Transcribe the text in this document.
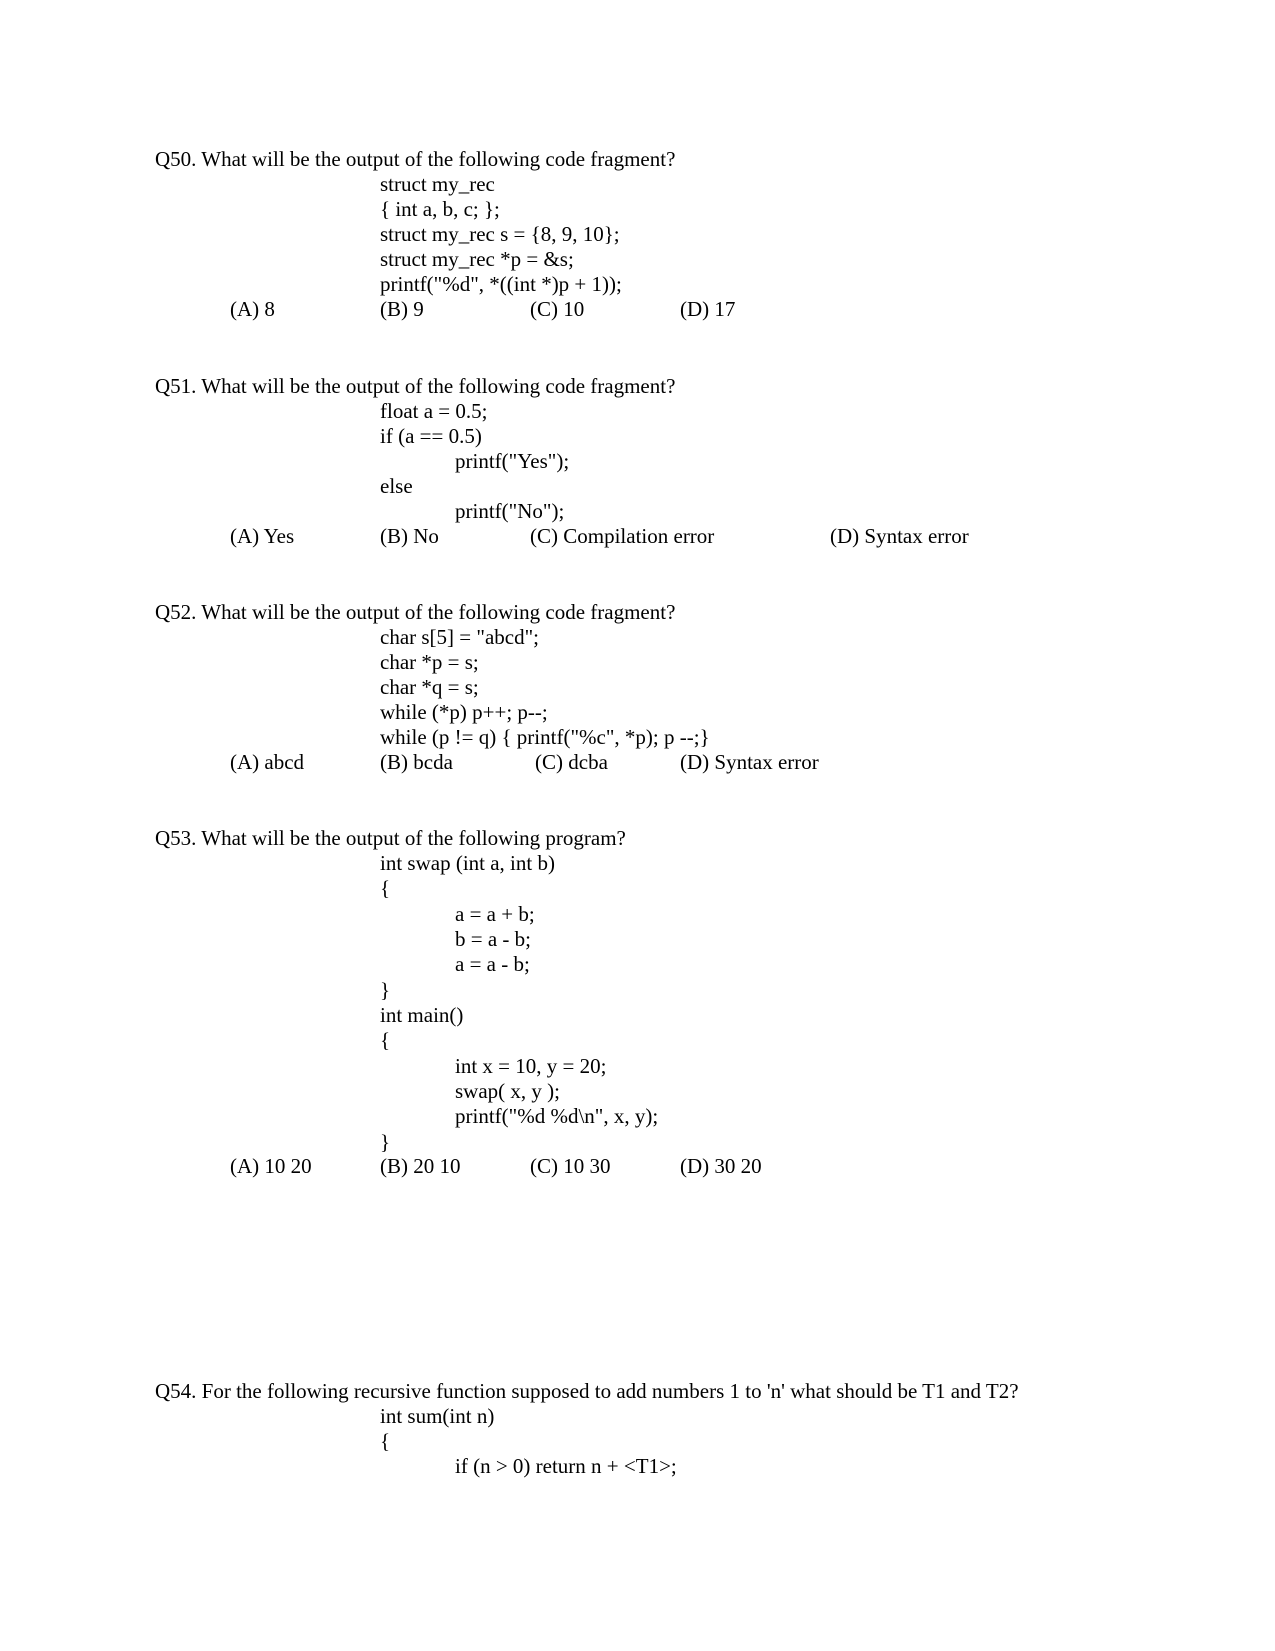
Q50. What will be the output of the following code fragment?
struct my_rec
{ int a, b, c; };
struct my_rec s = {8, 9, 10};
struct my_rec *p = &s;
printf("%d", *((int *)p + 1));
(A) 8	(B) 9	(C) 10	(D) 17
Q51. What will be the output of the following code fragment?
float a = 0.5;
if (a == 0.5)
printf("Yes");
else
printf("No");
(A) Yes	(B) No	(C) Compilation error	(D) Syntax error
Q52. What will be the output of the following code fragment?
char s[5] = "abcd";
char *p = s;
char *q = s;
while (*p) p++; p--;
while (p != q) { printf("%c", *p); p --;}
(A) abcd	(B) bcda	(C) dcba	(D) Syntax error
Q53. What will be the output of the following program?
int swap (int a, int b)
{
a = a + b;
b = a - b;
a = a - b;
}
int main()
{
int x = 10, y = 20;
swap( x, y );
printf("%d %d\n", x, y);
}
(A) 10 20	(B) 20 10	(C) 10 30	(D) 30 20
Q54. For the following recursive function supposed to add numbers 1 to 'n' what should be T1 and T2?
int sum(int n)
{
if (n > 0) return n + <T1>;
